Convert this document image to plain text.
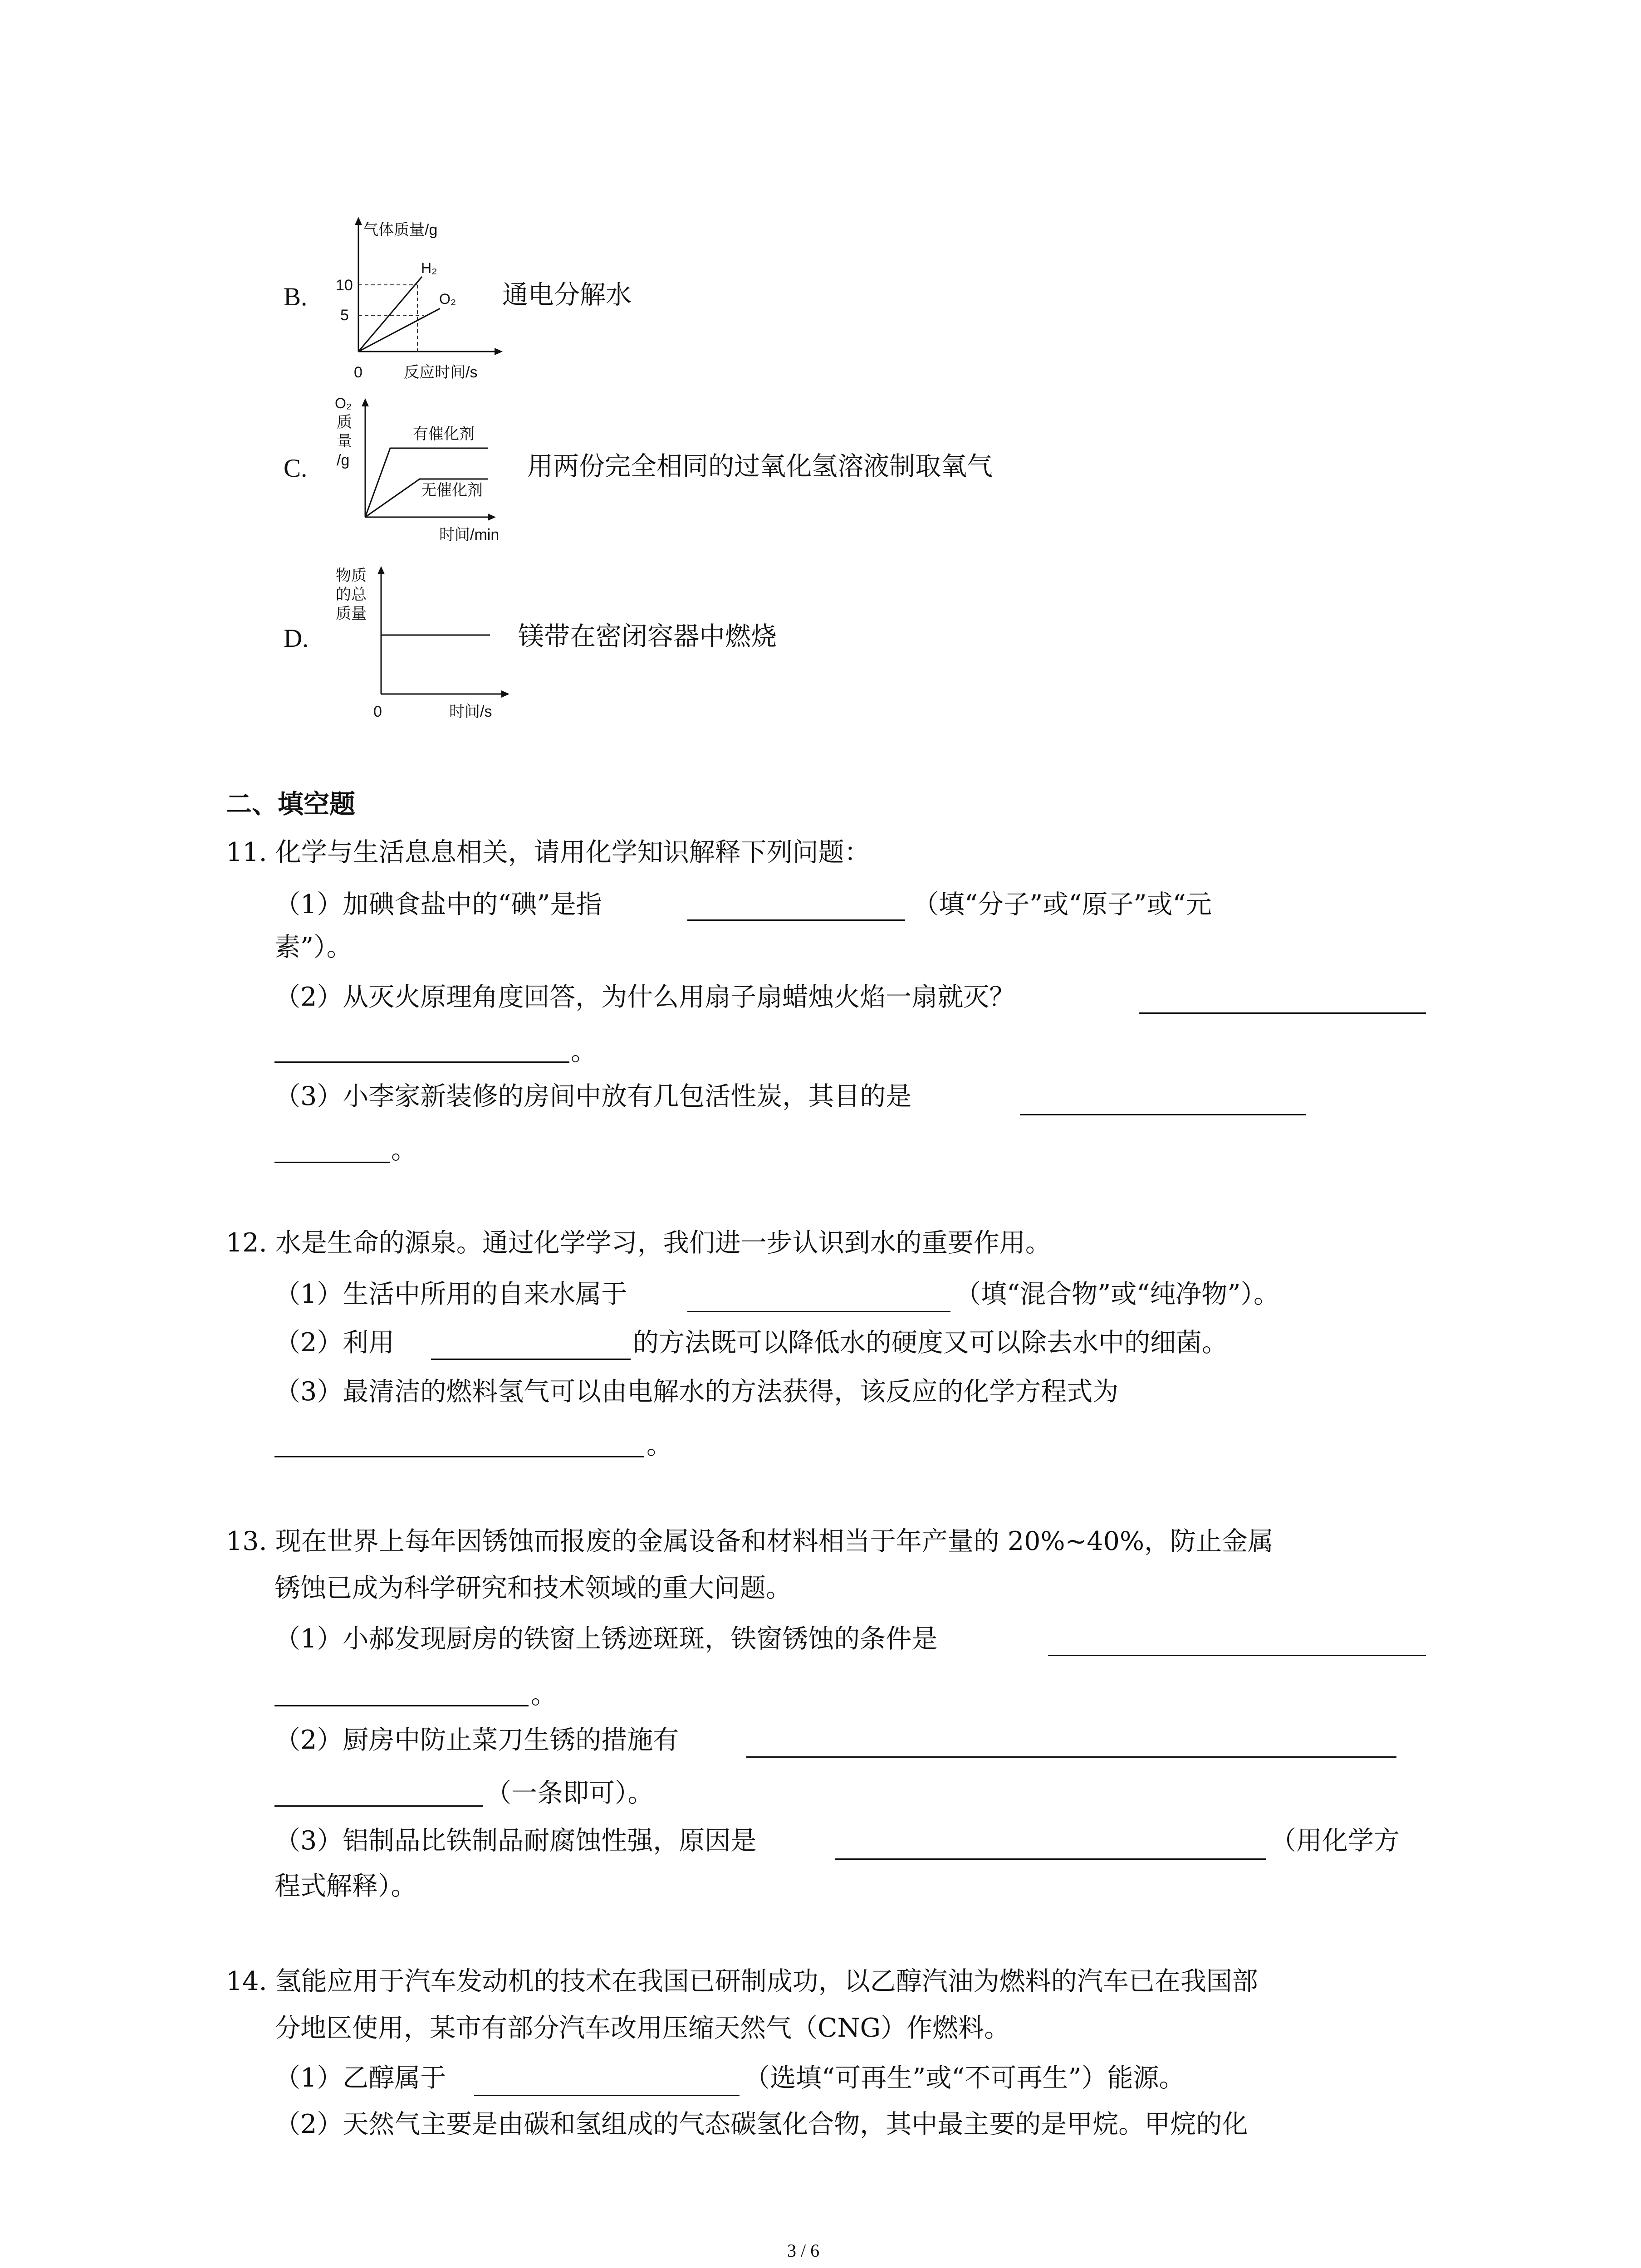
B.
气体质量/g
10
5
0	反应时间/s
H₂
O₂ 通电分解水
C.
O₂
质
量
/g
有催化剂
无催化剂
时间/min
用两份完全相同的过氧化氢溶液制取氧气
D.
物质
的总
质量
0	时间/s
镁带在密闭容器中燃烧
二、填空题
11. 化学与生活息息相关，请用化学知识解释下列问题：
（1）加碘食盐中的“碘”是指	（填“分子”或“原子”或“元
素”）。
（2）从灭火原理角度回答，为什么用扇子扇蜡烛火焰一扇就灭？
。
（3）小李家新装修的房间中放有几包活性炭，其目的是
。
12. 水是生命的源泉。通过化学学习，我们进一步认识到水的重要作用。
（1）生活中所用的自来水属于	（填“混合物”或“纯净物”）。
（2）利用	的方法既可以降低水的硬度又可以除去水中的细菌。
（3）最清洁的燃料氢气可以由电解水的方法获得，该反应的化学方程式为
。
13. 现在世界上每年因锈蚀而报废的金属设备和材料相当于年产量的 20%~40%，防止金属
锈蚀已成为科学研究和技术领域的重大问题。
（1）小郝发现厨房的铁窗上锈迹斑斑，铁窗锈蚀的条件是
。
（2）厨房中防止菜刀生锈的措施有
（一条即可）。
（3）铝制品比铁制品耐腐蚀性强，原因是	（用化学方
程式解释）。
14. 氢能应用于汽车发动机的技术在我国已研制成功，以乙醇汽油为燃料的汽车已在我国部
分地区使用，某市有部分汽车改用压缩天然气（CNG）作燃料。
（1）乙醇属于	（选填“可再生”或“不可再生”）能源。
（2）天然气主要是由碳和氢组成的气态碳氢化合物，其中最主要的是甲烷。甲烷的化
3 / 6
